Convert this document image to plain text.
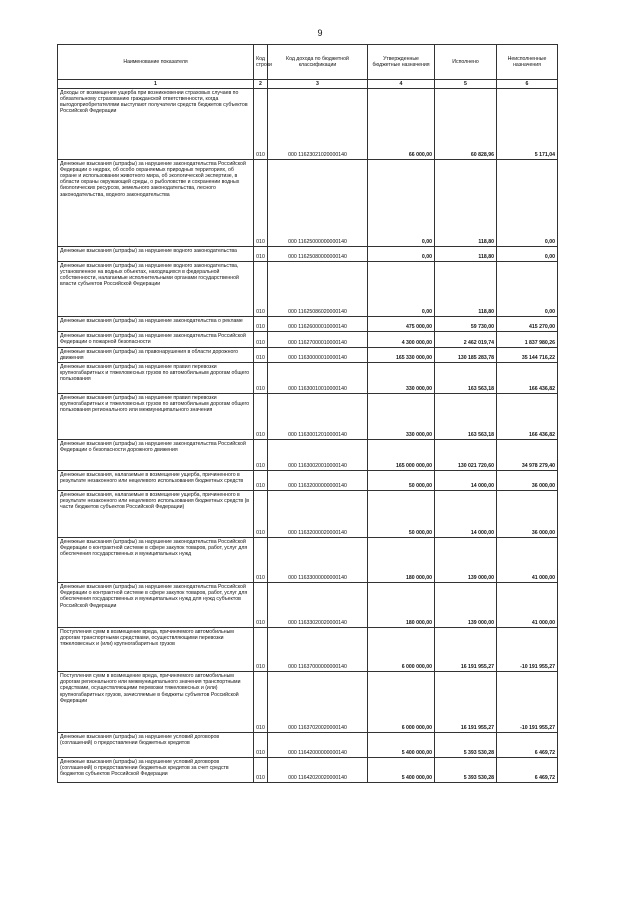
9
Наименование показателя	Код строки	Код дохода по бюджетной классификации	Утвержденные бюджетные назначения	Исполнено	Неисполненные назначения
1	2	3	4	5	6
Доходы от возмещения ущерба при возникновении страховых случаев по обязательному страхованию гражданской ответственности, когда выгодоприобретателями выступают получатели средств бюджетов субъектов Российской Федерации	010	000 11623021020000140	66 000,00	60 828,96	5 171,04
Денежные взыскания (штрафы) за нарушение законодательства Российской Федерации о недрах, об особо охраняемых природных территориях, об охране и использовании животного мира, об экологической экспертизе, в области охраны окружающей среды, о рыболовстве и сохранении водных биологических ресурсов, земельного законодательства, лесного законодательства, водного законодательства	010	000 11625000000000140	0,00	118,80	0,00
Денежные взыскания (штрафы) за нарушение водного законодательства	010	000 11625080000000140	0,00	118,80	0,00
Денежные взыскания (штрафы) за нарушение водного законодательства, установленное на водных объектах, находящихся в федеральной собственности, налагаемые исполнительными органами государственной власти субъектов Российской Федерации	010	000 11625086020000140	0,00	118,80	0,00
Денежные взыскания (штрафы) за нарушение законодательства о рекламе	010	000 11626000010000140	475 000,00	59 730,00	415 270,00
Денежные взыскания (штрафы) за нарушение законодательства Российской Федерации о пожарной безопасности	010	000 11627000010000140	4 300 000,00	2 462 019,74	1 837 980,26
Денежные взыскания (штрафы) за правонарушения в области дорожного движения	010	000 11630000010000140	165 330 000,00	130 185 283,78	35 144 716,22
Денежные взыскания (штрафы) за нарушение правил перевозки крупногабаритных и тяжеловесных грузов по автомобильным дорогам общего пользования	010	000 11630010010000140	330 000,00	163 563,18	166 436,82
Денежные взыскания (штрафы) за нарушение правил перевозки крупногабаритных и тяжеловесных грузов по автомобильным дорогам общего пользования регионального или межмуниципального значения	010	000 11630012010000140	330 000,00	163 563,18	166 436,82
Денежные взыскания (штрафы) за нарушение законодательства Российской Федерации о безопасности дорожного движения	010	000 11630020010000140	165 000 000,00	130 021 720,60	34 978 279,40
Денежные взыскания, налагаемые в возмещение ущерба, причиненного в результате незаконного или нецелевого использования бюджетных средств	010	000 11632000000000140	50 000,00	14 000,00	36 000,00
Денежные взыскания, налагаемые в возмещение ущерба, причиненного в результате незаконного или нецелевого использования бюджетных средств (в части бюджетов субъектов Российской Федерации)	010	000 11632000020000140	50 000,00	14 000,00	36 000,00
Денежные взыскания (штрафы) за нарушение законодательства Российской Федерации о контрактной системе в сфере закупок товаров, работ, услуг для обеспечения государственных и муниципальных нужд	010	000 11633000000000140	180 000,00	139 000,00	41 000,00
Денежные взыскания (штрафы) за нарушение законодательства Российской Федерации о контрактной системе в сфере закупок товаров, работ, услуг для обеспечения государственных и муниципальных нужд для нужд субъектов Российской Федерации	010	000 11633020020000140	180 000,00	139 000,00	41 000,00
Поступления сумм в возмещение вреда, причиняемого автомобильным дорогам транспортными средствами, осуществляющими перевозки тяжеловесных и (или) крупногабаритных грузов	010	000 11637000000000140	6 000 000,00	16 191 955,27	-10 191 955,27
Поступления сумм в возмещение вреда, причиняемого автомобильным дорогам регионального или межмуниципального значения транспортными средствами, осуществляющими перевозки тяжеловесных и (или) крупногабаритных грузов, зачисляемые в бюджеты субъектов Российской Федерации	010	000 11637020020000140	6 000 000,00	16 191 955,27	-10 191 955,27
Денежные взыскания (штрафы) за нарушение условий договоров (соглашений) о предоставлении бюджетных кредитов	010	000 11642000000000140	5 400 000,00	5 393 530,28	6 469,72
Денежные взыскания (штрафы) за нарушение условий договоров (соглашений) о предоставлении бюджетных кредитов за счет средств бюджетов субъектов Российской Федерации	010	000 11642020020000140	5 400 000,00	5 393 530,28	6 469,72
